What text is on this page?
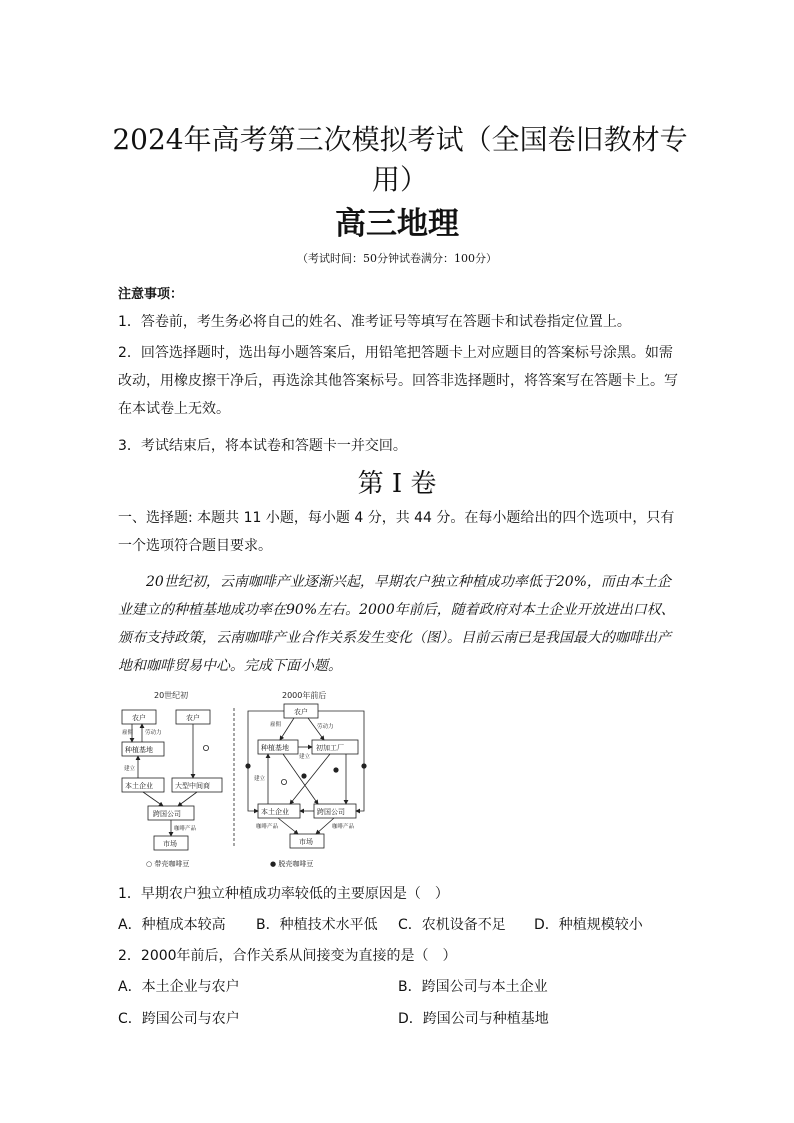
2024年高考第三次模拟考试（全国卷旧教材专用）
高三地理
（考试时间：50分钟试卷满分：100分）
注意事项：
1．答卷前，考生务必将自己的姓名、准考证号等填写在答题卡和试卷指定位置上。
2．回答选择题时，选出每小题答案后，用铅笔把答题卡上对应题目的答案标号涂黑。如需改动，用橡皮擦干净后，再选涂其他答案标号。回答非选择题时，将答案写在答题卡上。写在本试卷上无效。
3．考试结束后，将本试卷和答题卡一并交回。
第 I 卷
一、选择题: 本题共 11 小题，每小题 4 分，共 44 分。在每小题给出的四个选项中，只有一个选项符合题目要求。
20世纪初，云南咖啡产业逐渐兴起，早期农户独立种植成功率低于20%，而由本土企业建立的种植基地成功率在90%左右。2000年前后，随着政府对本土企业开放进出口权、颁布支持政策，云南咖啡产业合作关系发生变化（图）。目前云南已是我国最大的咖啡出产地和咖啡贸易中心。完成下面小题。
20世纪初	2000年前后
农户	农户
种植基地
本土企业	大型中间商
跨国公司
市场
雇佣 劳动力
建立
咖啡产品
农户
种植基地	初加工厂
本土企业	跨国公司
市场
雇佣	劳动力
建立
建立
咖啡产品	咖啡产品
○ 带壳咖啡豆	● 脱壳咖啡豆
1．早期农户独立种植成功率较低的主要原因是（　）
A．种植成本较高 B．种植技术水平低 C．农机设备不足 D．种植规模较小
2．2000年前后，合作关系从间接变为直接的是（　）
A．本土企业与农户	B．跨国公司与本土企业
C．跨国公司与农户	D．跨国公司与种植基地
